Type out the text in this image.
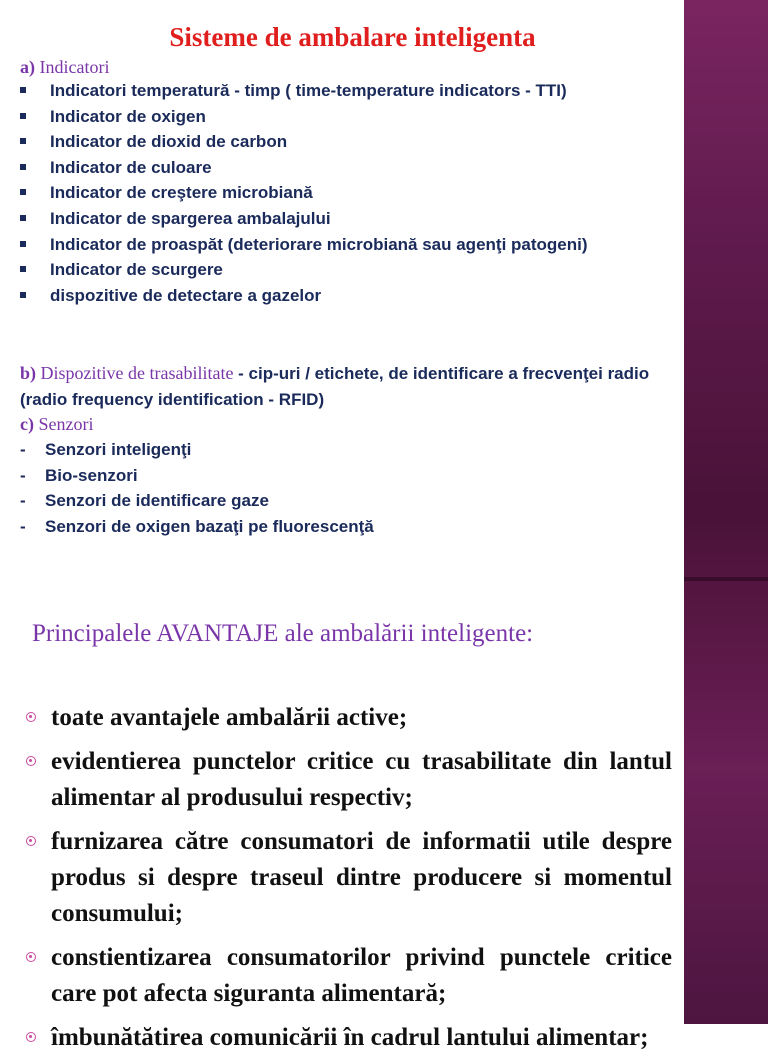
Sisteme de ambalare inteligenta
a) Indicatori
Indicatori temperatură - timp ( time-temperature indicators - TTI)
Indicator de oxigen
Indicator de dioxid de carbon
Indicator de culoare
Indicator de creştere microbiană
Indicator de spargerea ambalajului
Indicator de proaspăt (deteriorare microbiană sau agenţi patogeni)
Indicator de scurgere
dispozitive de detectare a gazelor
b) Dispozitive de trasabilitate - cip-uri / etichete, de identificare a frecvenţei radio (radio frequency identification - RFID)
c) Senzori
- Senzori inteligenţi
- Bio-senzori
- Senzori de identificare gaze
- Senzori de oxigen bazaţi pe fluorescenţă
Principalele AVANTAJE ale ambalării inteligente:
toate avantajele ambalării active;
evidentierea punctelor critice cu trasabilitate din lantul alimentar al produsului respectiv;
furnizarea către consumatori de informatii utile despre produs si despre traseul dintre producere si momentul consumului;
constientizarea consumatorilor privind punctele critice care pot afecta siguranta alimentară;
îmbunătătirea comunicării în cadrul lantului alimentar;
